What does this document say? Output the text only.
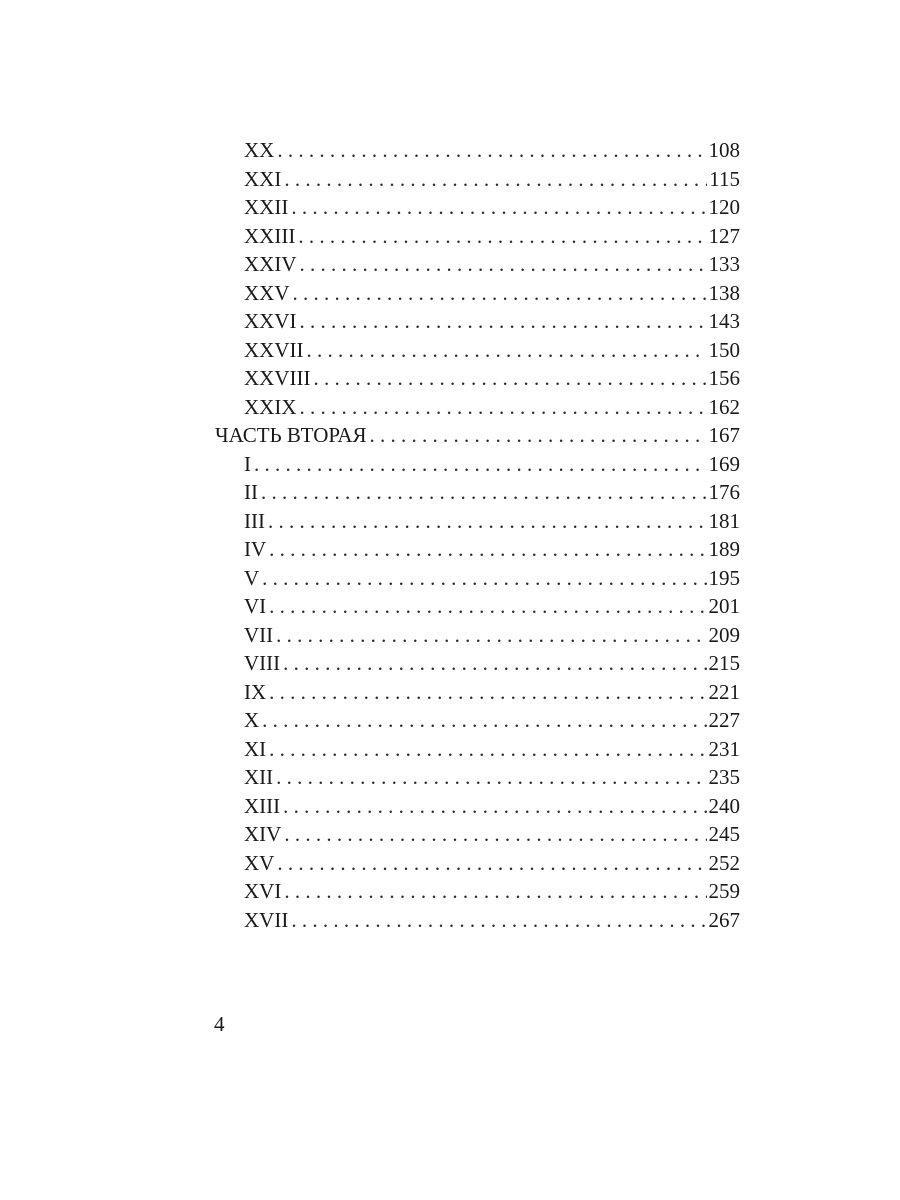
XX . . .	108
XXI . . .	115
XXII . . .	120
XXIII . . .	127
XXIV . . .	133
XXV . . .	138
XXVI . . .	143
XXVII . . .	150
XXVIII . . .	156
XXIX . . .	162
ЧАСТЬ ВТОРАЯ . . .	167
I . . .	169
II . . .	176
III . . .	181
IV . . .	189
V . . .	195
VI . . .	201
VII . . .	209
VIII . . .	215
IX . . .	221
X . . .	227
XI . . .	231
XII . . .	235
XIII . . .	240
XIV . . .	245
XV . . .	252
XVI . . .	259
XVII . . .	267
4
